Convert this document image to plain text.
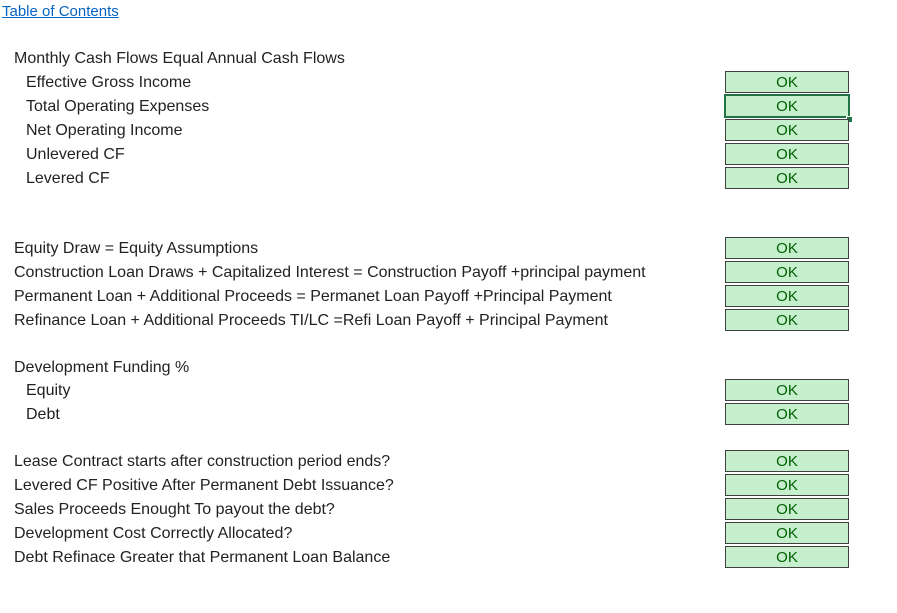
Table of Contents
Monthly Cash Flows Equal Annual Cash Flows
Effective Gross Income
Total Operating Expenses
Net Operating Income
Unlevered CF
Levered CF
OK
OK
OK
OK
OK
Equity Draw = Equity Assumptions
Construction Loan Draws + Capitalized Interest = Construction Payoff +principal payment
Permanent Loan + Additional Proceeds = Permanet Loan Payoff +Principal Payment
Refinance Loan + Additional Proceeds TI/LC =Refi Loan Payoff + Principal Payment
OK
OK
OK
OK
Development Funding %
Equity
Debt
OK
OK
Lease Contract starts after construction period ends?
Levered CF Positive After Permanent Debt Issuance?
Sales Proceeds Enought To payout the debt?
Development Cost Correctly Allocated?
Debt Refinace Greater that Permanent Loan Balance
OK
OK
OK
OK
OK
